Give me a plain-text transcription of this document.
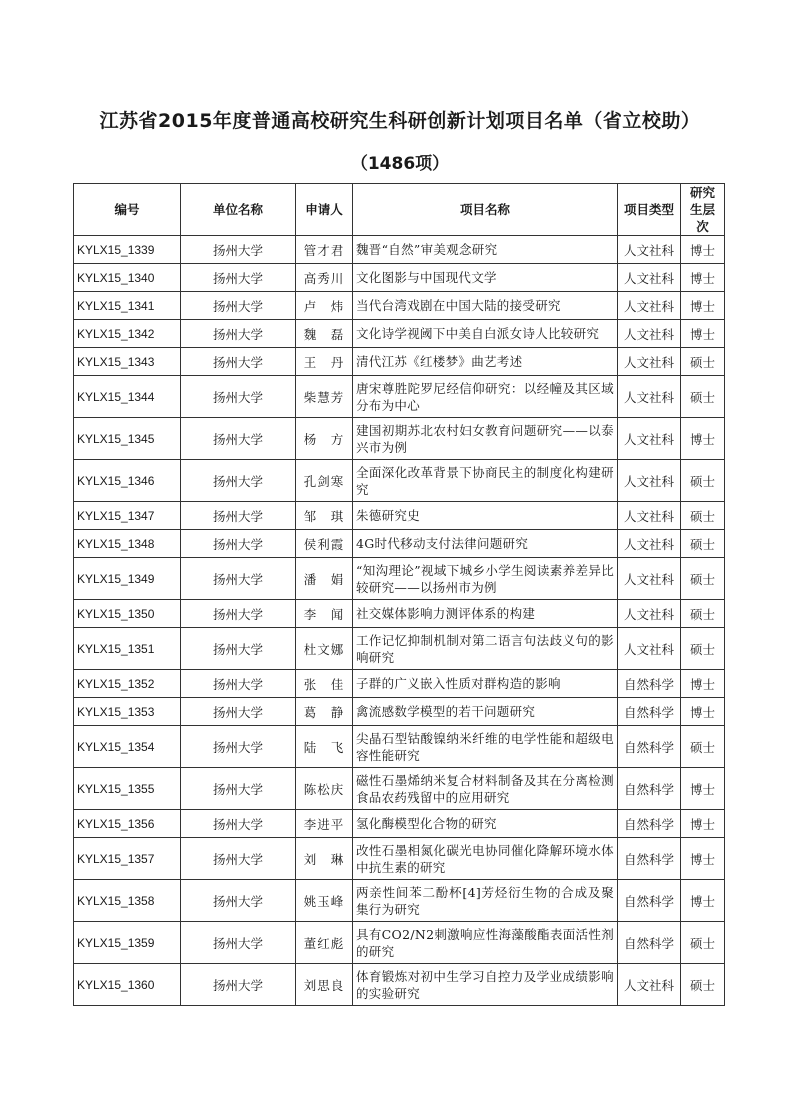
江苏省2015年度普通高校研究生科研创新计划项目名单（省立校助）
（1486项）
编号	单位名称	申请人	项目名称	项目类型	研究生层次
KYLX15_1339	扬州大学	管才君	魏晋“自然”审美观念研究	人文社科	博士
KYLX15_1340	扬州大学	高秀川	文化图影与中国现代文学	人文社科	博士
KYLX15_1341	扬州大学	卢　炜	当代台湾戏剧在中国大陆的接受研究	人文社科	博士
KYLX15_1342	扬州大学	魏　磊	文化诗学视阈下中美自白派女诗人比较研究	人文社科	博士
KYLX15_1343	扬州大学	王　丹	清代江苏《红楼梦》曲艺考述	人文社科	硕士
KYLX15_1344	扬州大学	柴慧芳	唐宋尊胜陀罗尼经信仰研究：以经幢及其区域分布为中心	人文社科	硕士
KYLX15_1345	扬州大学	杨　方	建国初期苏北农村妇女教育问题研究——以泰兴市为例	人文社科	博士
KYLX15_1346	扬州大学	孔剑寒	全面深化改革背景下协商民主的制度化构建研究	人文社科	硕士
KYLX15_1347	扬州大学	邹　琪	朱德研究史	人文社科	硕士
KYLX15_1348	扬州大学	侯利霞	4G时代移动支付法律问题研究	人文社科	硕士
KYLX15_1349	扬州大学	潘　娟	“知沟理论”视域下城乡小学生阅读素养差异比较研究——以扬州市为例	人文社科	硕士
KYLX15_1350	扬州大学	李　闻	社交媒体影响力测评体系的构建	人文社科	硕士
KYLX15_1351	扬州大学	杜文娜	工作记忆抑制机制对第二语言句法歧义句的影响研究	人文社科	硕士
KYLX15_1352	扬州大学	张　佳	子群的广义嵌入性质对群构造的影响	自然科学	博士
KYLX15_1353	扬州大学	葛　静	禽流感数学模型的若干问题研究	自然科学	博士
KYLX15_1354	扬州大学	陆　飞	尖晶石型钴酸镍纳米纤维的电学性能和超级电容性能研究	自然科学	硕士
KYLX15_1355	扬州大学	陈松庆	磁性石墨烯纳米复合材料制备及其在分离检测食品农药残留中的应用研究	自然科学	博士
KYLX15_1356	扬州大学	李进平	氢化酶模型化合物的研究	自然科学	博士
KYLX15_1357	扬州大学	刘　琳	改性石墨相氮化碳光电协同催化降解环境水体中抗生素的研究	自然科学	博士
KYLX15_1358	扬州大学	姚玉峰	两亲性间苯二酚杯[4]芳烃衍生物的合成及聚集行为研究	自然科学	博士
KYLX15_1359	扬州大学	董红彪	具有CO2/N2刺激响应性海藻酸酯表面活性剂的研究	自然科学	硕士
KYLX15_1360	扬州大学	刘思良	体育锻炼对初中生学习自控力及学业成绩影响的实验研究	人文社科	硕士
